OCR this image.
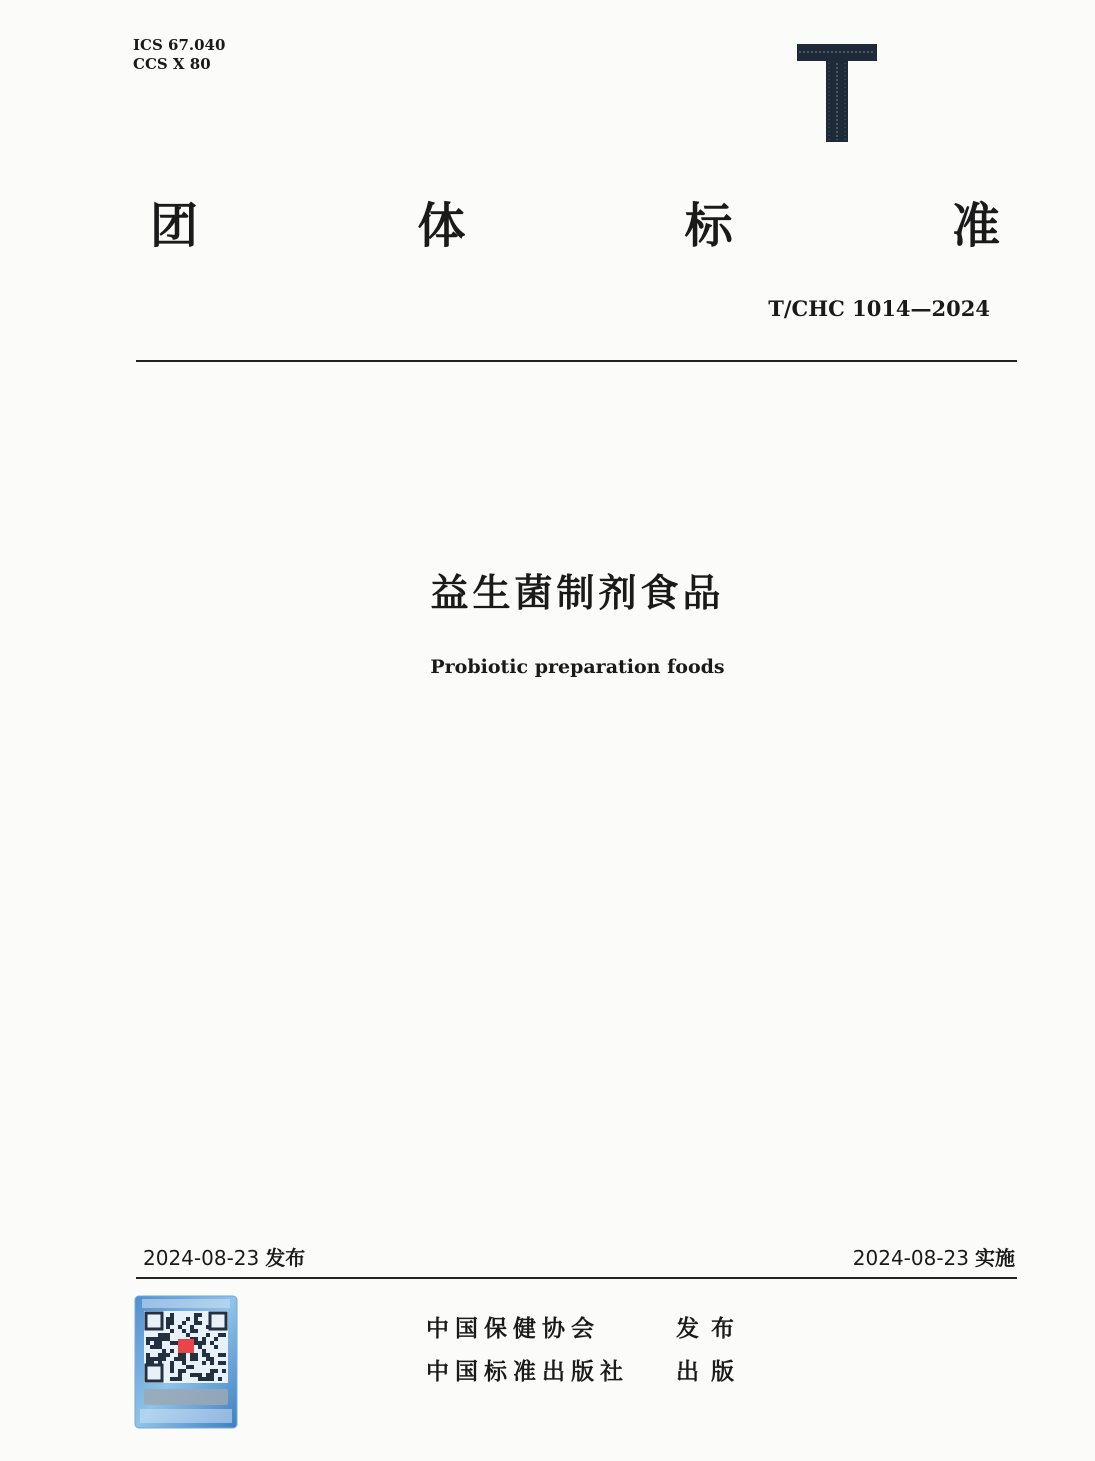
ICS 67.040
CCS X 80
团	体	标	准
T/CHC 1014—2024
益生菌制剂食品
Probiotic preparation foods
2024-08-23 发布	2024-08-23 实施
中国保健协会	发布
中国标准出版社 出版
